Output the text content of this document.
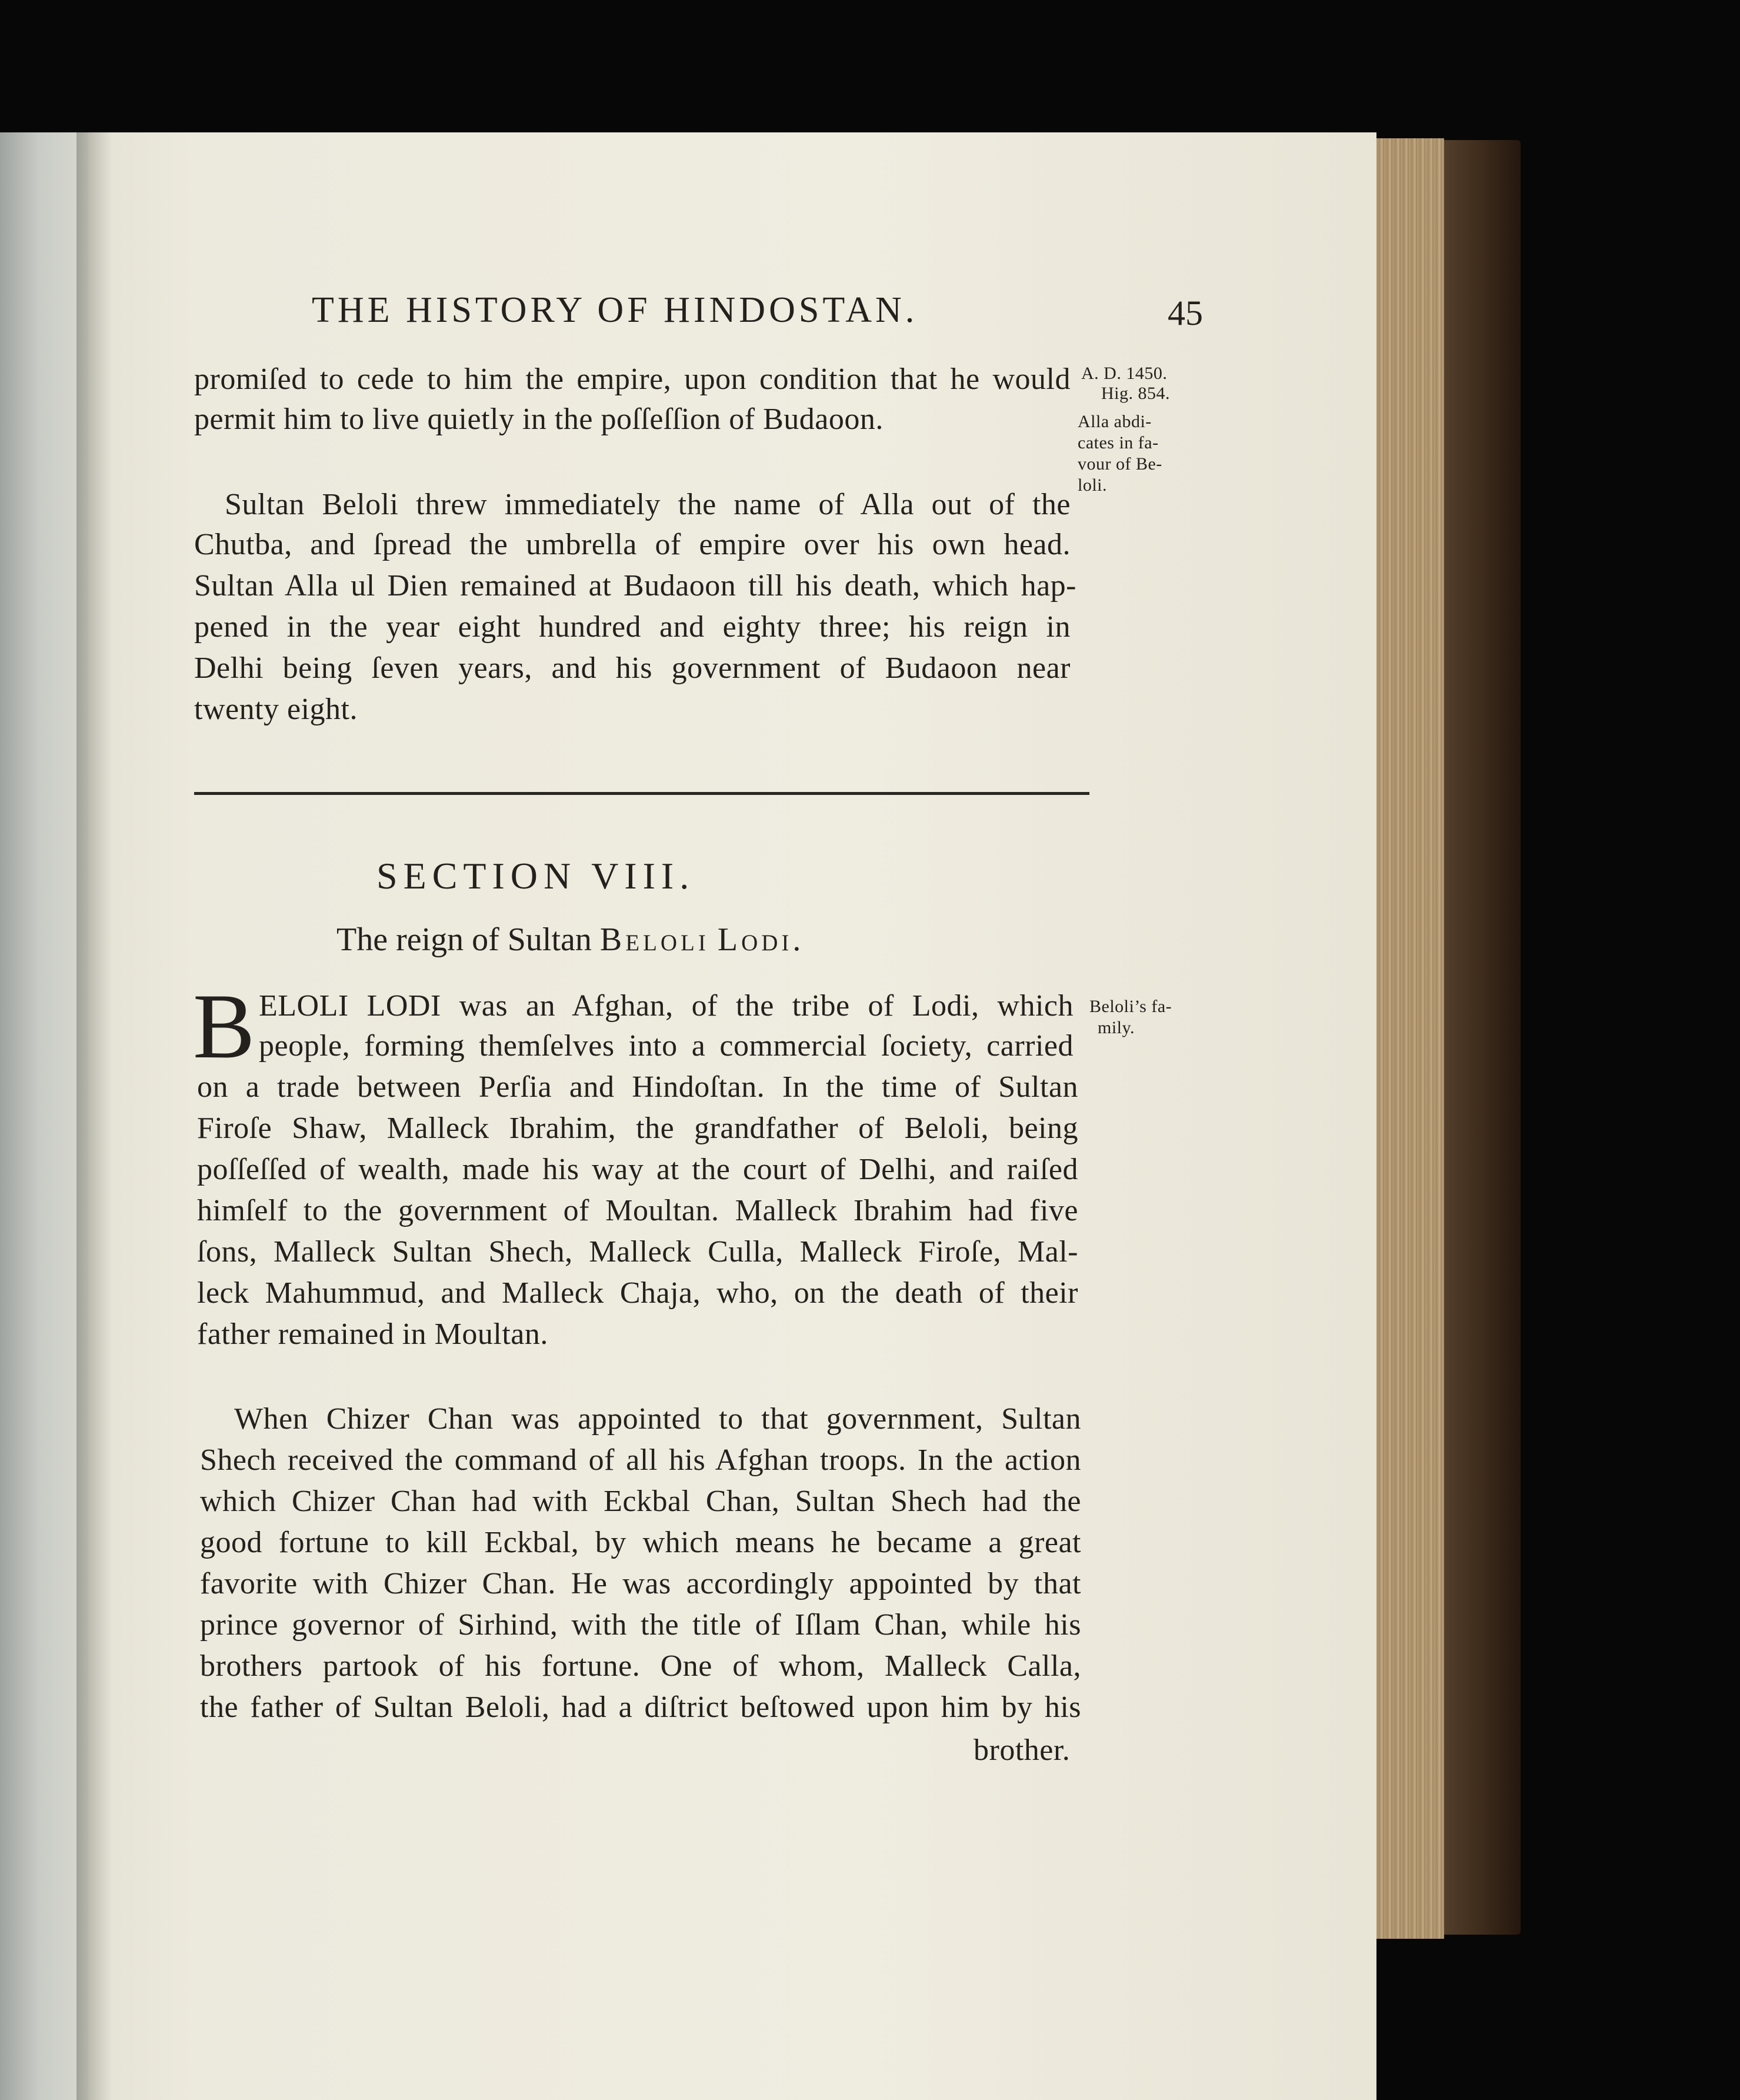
THE HISTORY OF HINDOSTAN.	45
promiſed to cede to him the empire, upon condition that he would
permit him to live quietly in the poſſeſſion of Budaoon.
A. D. 1450.
Hig. 854.
Alla abdi-
cates in fa-
vour of Be-
loli.
Sultan Beloli threw immediately the name of Alla out of the
Chutba, and ſpread the umbrella of empire over his own head.
Sultan Alla ul Dien remained at Budaoon till his death, which hap-
pened in the year eight hundred and eighty three; his reign in
Delhi being ſeven years, and his government of Budaoon near
twenty eight.
SECTION VIII.
The reign of Sultan Beloli Lodi.
B ELOLI LODI was an Afghan, of the tribe of Lodi, which
people, forming themſelves into a commercial ſociety, carried
on a trade between Perſia and Hindoſtan. In the time of Sultan
Firoſe Shaw, Malleck Ibrahim, the grandfather of Beloli, being
poſſeſſed of wealth, made his way at the court of Delhi, and raiſed
himſelf to the government of Moultan. Malleck Ibrahim had five
ſons, Malleck Sultan Shech, Malleck Culla, Malleck Firoſe, Mal-
leck Mahummud, and Malleck Chaja, who, on the death of their
father remained in Moultan.
Beloli’s fa-
mily.
When Chizer Chan was appointed to that government, Sultan
Shech received the command of all his Afghan troops. In the action
which Chizer Chan had with Eckbal Chan, Sultan Shech had the
good fortune to kill Eckbal, by which means he became a great
favorite with Chizer Chan. He was accordingly appointed by that
prince governor of Sirhind, with the title of Iſlam Chan, while his
brothers partook of his fortune. One of whom, Malleck Calla,
the father of Sultan Beloli, had a diſtrict beſtowed upon him by his
brother.
